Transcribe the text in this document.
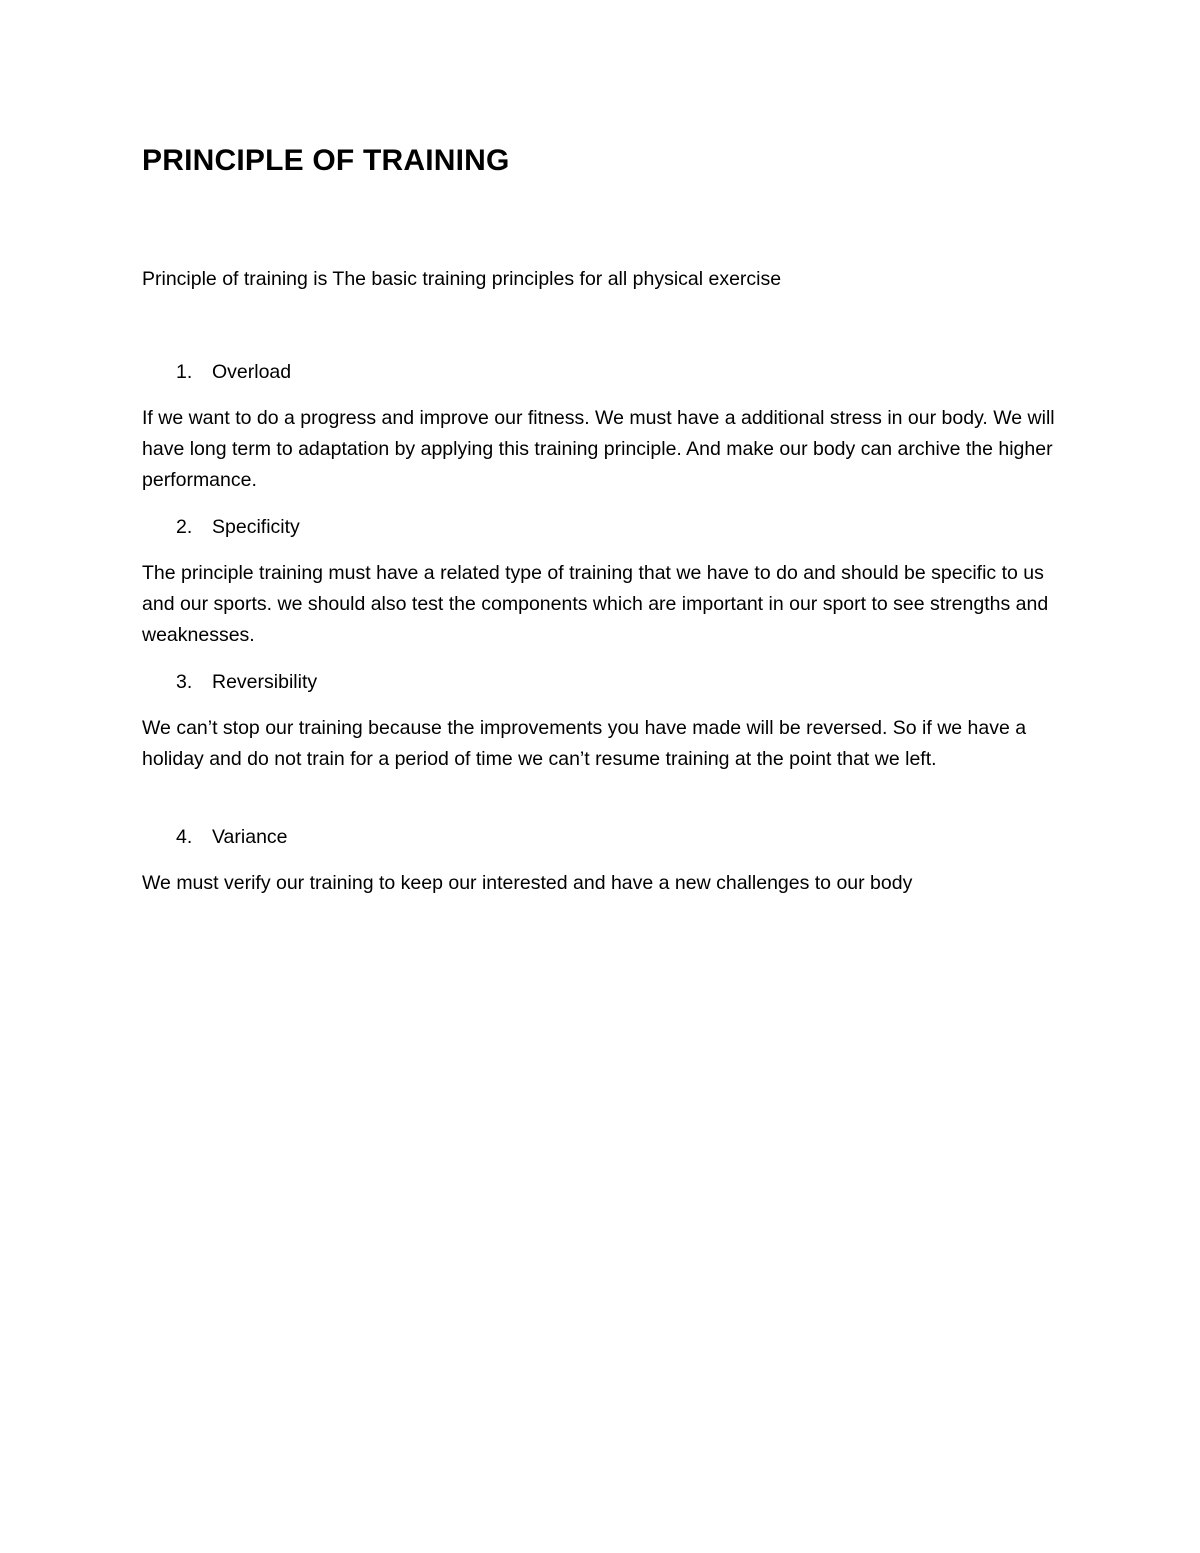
PRINCIPLE OF TRAINING

Principle of training is The basic training principles for all physical exercise

1. Overload

If we want to do a progress and improve our fitness. We must have a additional stress in our body. We will have long term to adaptation by applying this training principle. And make our body can archive the higher performance.

2. Specificity

The principle training must have a related type of training that we have to do and should be specific to us and our sports. we should also test the components which are important in our sport to see strengths and weaknesses.

3. Reversibility

We can’t stop our training because the improvements you have made will be reversed. So if we have a holiday and do not train for a period of time we can’t resume training at the point that we left.

4. Variance

We must verify our training to keep our interested and have a new challenges to our body
